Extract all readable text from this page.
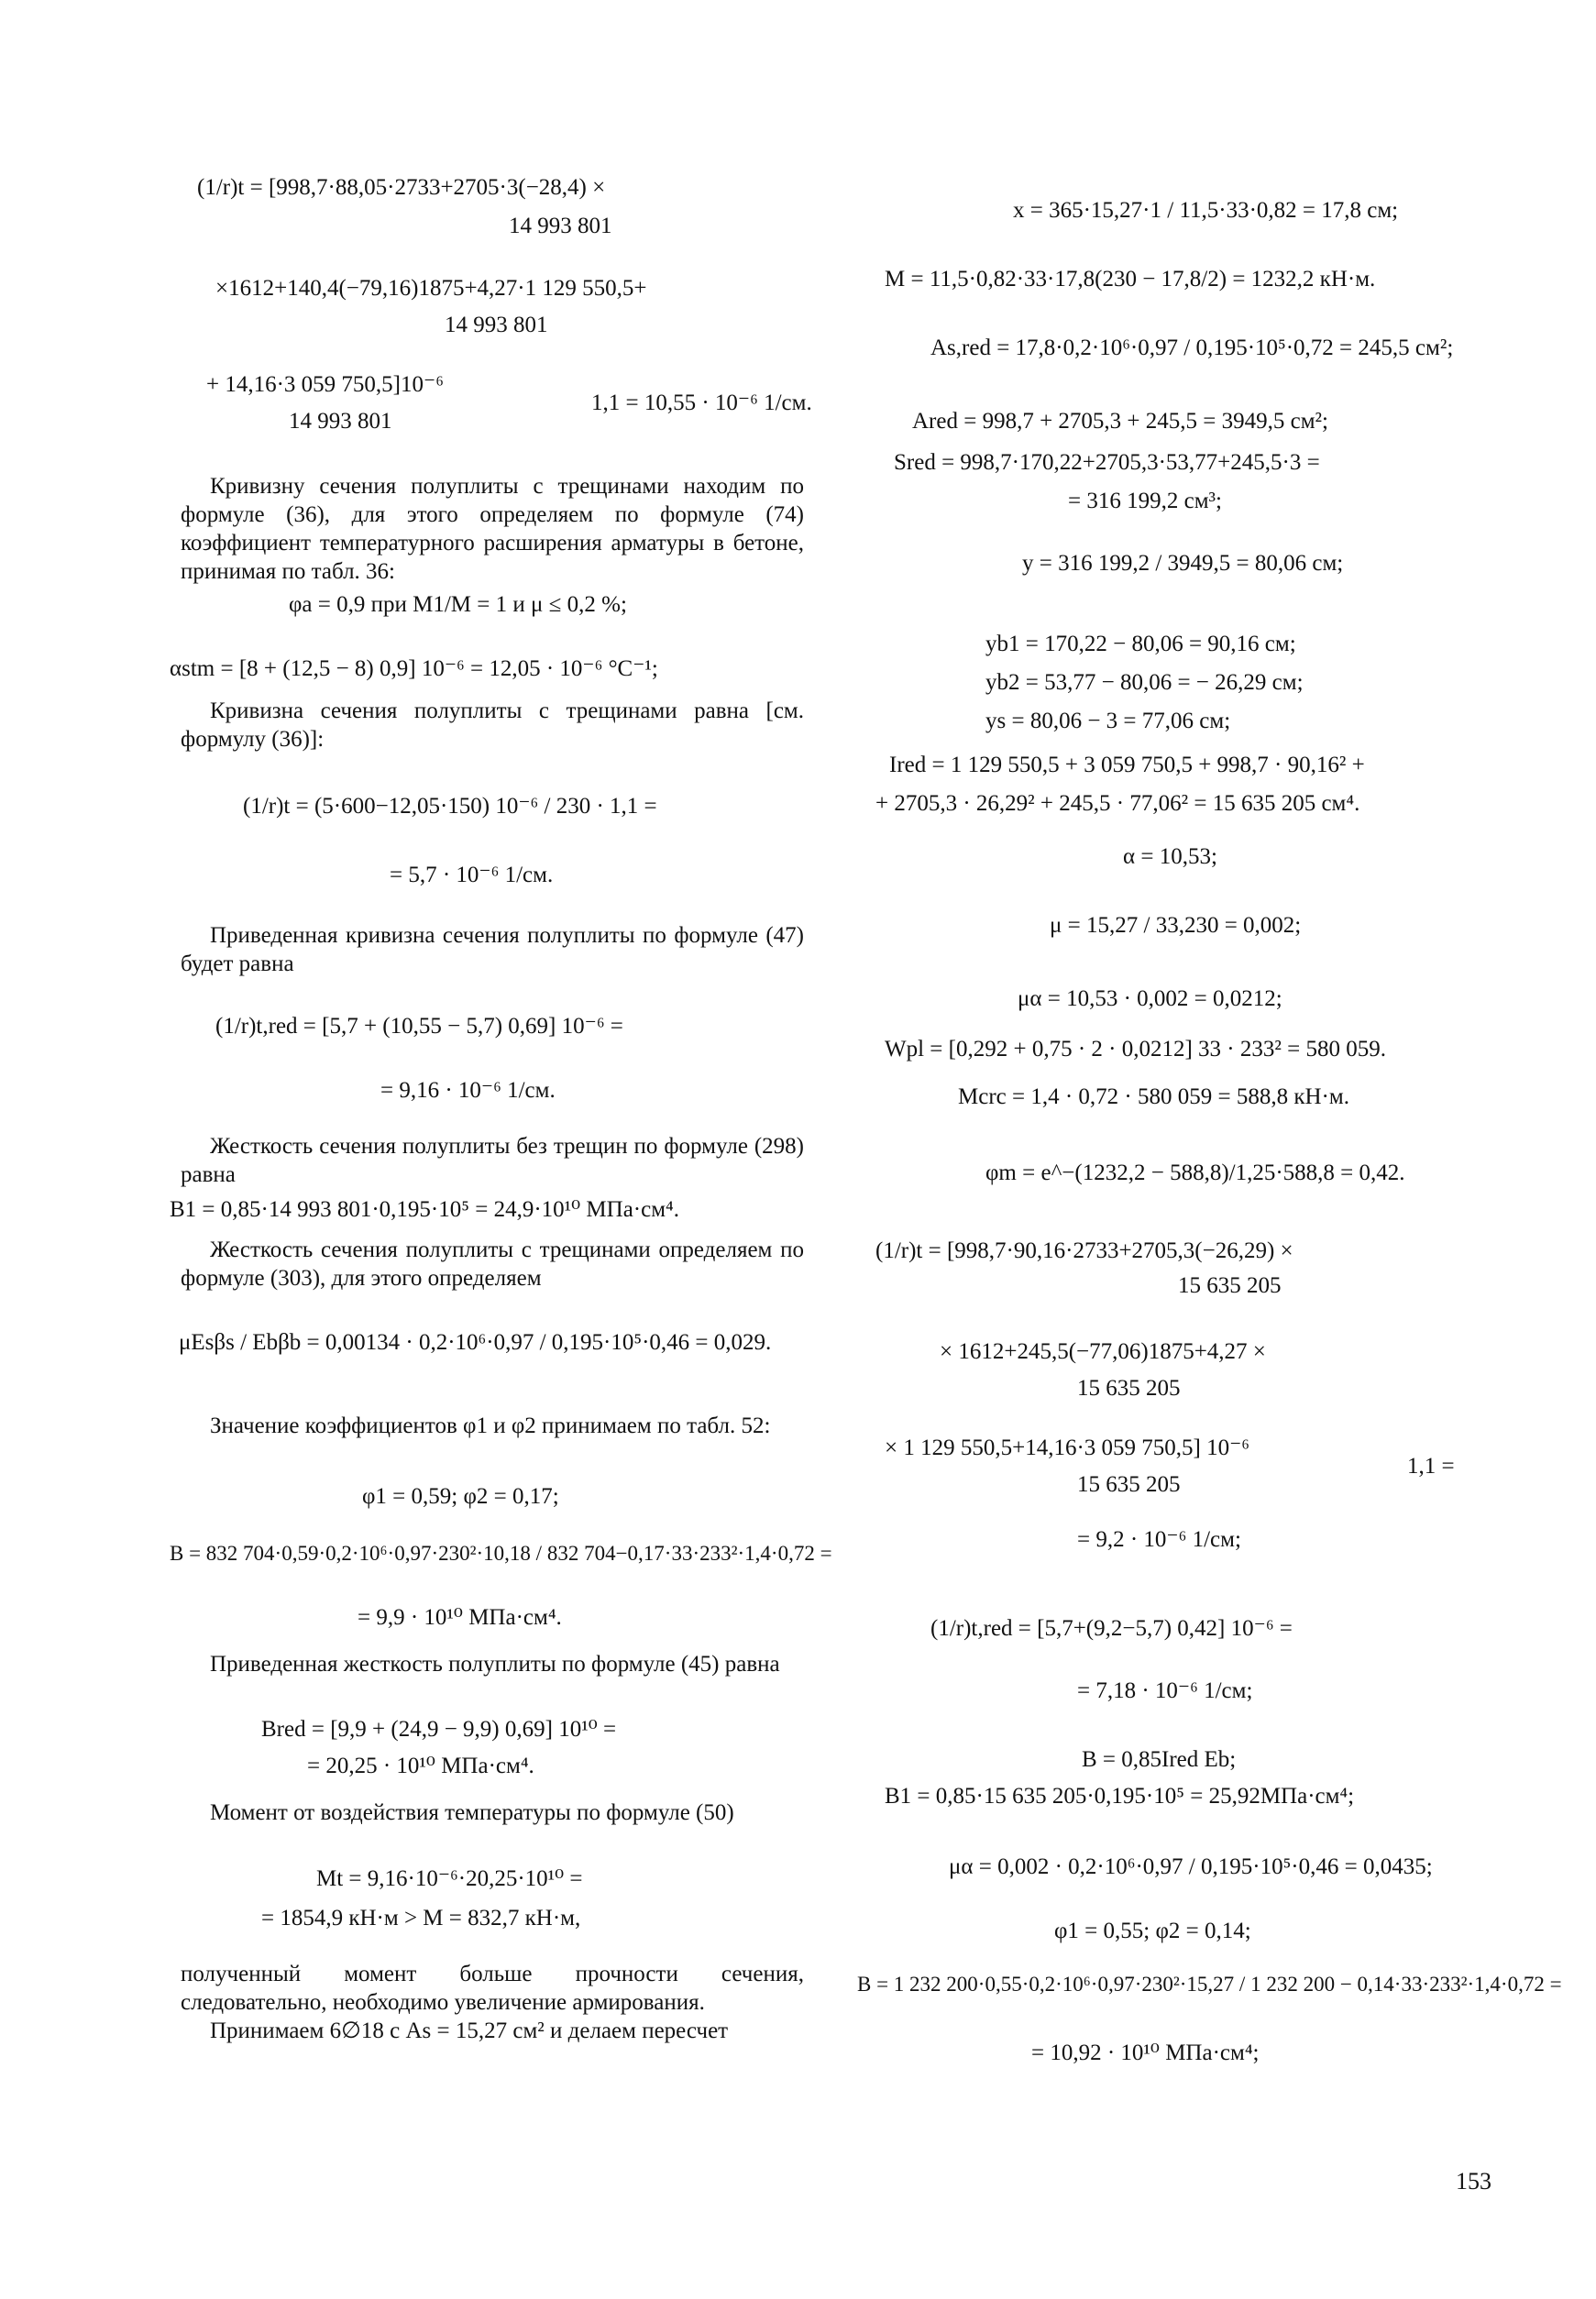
(1/r)t = [998,7·88,05·2733+2705·3(−28,4) ×
14 993 801
×1612+140,4(−79,16)1875+4,27·1 129 550,5+
14 993 801
+ 14,16·3 059 750,5]10⁻⁶
14 993 801
1,1 = 10,55 · 10⁻⁶ 1/см.
Кривизну сечения полуплиты с трещинами находим по формуле (36), для этого определяем по формуле (74) коэффициент температурного расширения арматуры в бетоне, принимая по табл. 36:
φa = 0,9 при M1/M = 1 и μ ≤ 0,2 %;
αstm = [8 + (12,5 − 8) 0,9] 10⁻⁶ = 12,05 · 10⁻⁶ °С⁻¹;
Кривизна сечения полуплиты с трещинами равна [см. формулу (36)]:
(1/r)t = (5·600−12,05·150) 10⁻⁶ / 230 · 1,1 =
= 5,7 · 10⁻⁶ 1/см.
Приведенная кривизна сечения полуплиты по формуле (47) будет равна
(1/r)t,red = [5,7 + (10,55 − 5,7) 0,69] 10⁻⁶ =
= 9,16 · 10⁻⁶ 1/см.
Жесткость сечения полуплиты без трещин по формуле (298) равна
B1 = 0,85·14 993 801·0,195·10⁵ = 24,9·10¹⁰ МПа·см⁴.
Жесткость сечения полуплиты с трещинами определяем по формуле (303), для этого определяем
μEsβs / Ebβb = 0,00134 · 0,2·10⁶·0,97 / 0,195·10⁵·0,46 = 0,029.
Значение коэффициентов φ1 и φ2 принимаем по табл. 52:
φ1 = 0,59; φ2 = 0,17;
B = 832 704·0,59·0,2·10⁶·0,97·230²·10,18 / 832 704−0,17·33·233²·1,4·0,72 =
= 9,9 · 10¹⁰ МПа·см⁴.
Приведенная жесткость полуплиты по формуле (45) равна
Bred = [9,9 + (24,9 − 9,9) 0,69] 10¹⁰ =
= 20,25 · 10¹⁰ МПа·см⁴.
Момент от воздействия температуры по формуле (50)
Mt = 9,16·10⁻⁶·20,25·10¹⁰ =
= 1854,9 кН·м > M = 832,7 кН·м,
полученный момент больше прочности сечения, следовательно, необходимо увеличение армирования.
Принимаем 6∅18 с As = 15,27 см² и делаем пересчет
x = 365·15,27·1 / 11,5·33·0,82 = 17,8 см;
M = 11,5·0,82·33·17,8(230 − 17,8/2) = 1232,2 кН·м.
As,red = 17,8·0,2·10⁶·0,97 / 0,195·10⁵·0,72 = 245,5 см²;
Ared = 998,7 + 2705,3 + 245,5 = 3949,5 см²;
Sred = 998,7·170,22+2705,3·53,77+245,5·3 =
= 316 199,2 см³;
y = 316 199,2 / 3949,5 = 80,06 см;
yb1 = 170,22 − 80,06 = 90,16 см;
yb2 = 53,77 − 80,06 = − 26,29 см;
ys = 80,06 − 3 = 77,06 см;
Ired = 1 129 550,5 + 3 059 750,5 + 998,7 · 90,16² +
+ 2705,3 · 26,29² + 245,5 · 77,06² = 15 635 205 см⁴.
α = 10,53;
μ = 15,27 / 33,230 = 0,002;
μα = 10,53 · 0,002 = 0,0212;
Wpl = [0,292 + 0,75 · 2 · 0,0212] 33 · 233² = 580 059.
Mcrc = 1,4 · 0,72 · 580 059 = 588,8 кН·м.
φm = e^−(1232,2 − 588,8)/1,25·588,8 = 0,42.
(1/r)t = [998,7·90,16·2733+2705,3(−26,29) ×
15 635 205
× 1612+245,5(−77,06)1875+4,27 ×
15 635 205
× 1 129 550,5+14,16·3 059 750,5] 10⁻⁶
15 635 205
1,1 =
= 9,2 · 10⁻⁶ 1/см;
(1/r)t,red = [5,7+(9,2−5,7) 0,42] 10⁻⁶ =
= 7,18 · 10⁻⁶ 1/см;
B = 0,85Ired Eb;
B1 = 0,85·15 635 205·0,195·10⁵ = 25,92МПа·см⁴;
μα = 0,002 · 0,2·10⁶·0,97 / 0,195·10⁵·0,46 = 0,0435;
φ1 = 0,55; φ2 = 0,14;
B = 1 232 200·0,55·0,2·10⁶·0,97·230²·15,27 / 1 232 200 − 0,14·33·233²·1,4·0,72 =
= 10,92 · 10¹⁰ МПа·см⁴;
153
